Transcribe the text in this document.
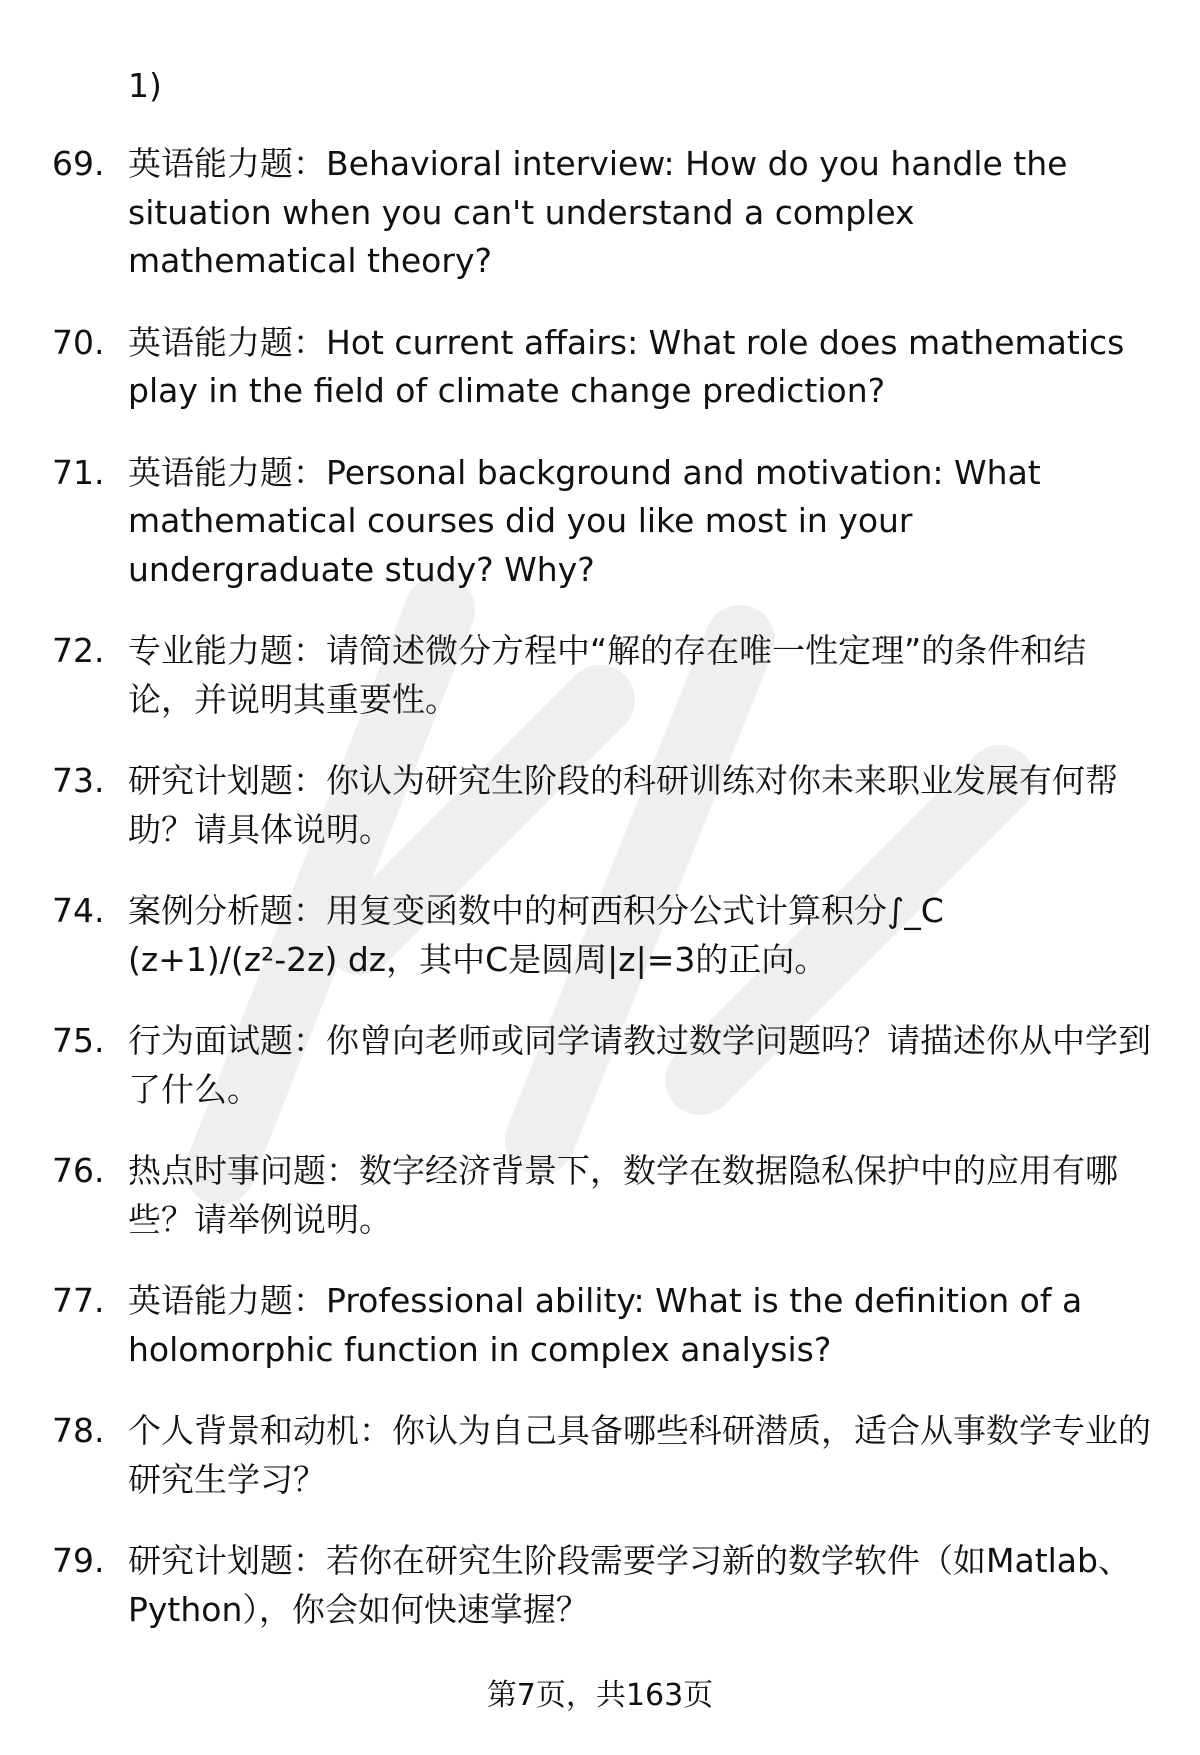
1)
69. 英语能力题：Behavioral interview: How do you handle the situation when you can't understand a complex mathematical theory?
70. 英语能力题：Hot current affairs: What role does mathematics play in the field of climate change prediction?
71. 英语能力题：Personal background and motivation: What mathematical courses did you like most in your undergraduate study? Why?
72. 专业能力题：请简述微分方程中“解的存在唯一性定理”的条件和结论，并说明其重要性。
73. 研究计划题：你认为研究生阶段的科研训练对你未来职业发展有何帮助？请具体说明。
74. 案例分析题：用复变函数中的柯西积分公式计算积分∫_C (z+1)/(z²-2z) dz，其中C是圆周|z|=3的正向。
75. 行为面试题：你曾向老师或同学请教过数学问题吗？请描述你从中学到了什么。
76. 热点时事问题：数字经济背景下，数学在数据隐私保护中的应用有哪些？请举例说明。
77. 英语能力题：Professional ability: What is the definition of a holomorphic function in complex analysis?
78. 个人背景和动机：你认为自己具备哪些科研潜质，适合从事数学专业的研究生学习？
79. 研究计划题：若你在研究生阶段需要学习新的数学软件（如Matlab、Python），你会如何快速掌握？
第7页，共163页
